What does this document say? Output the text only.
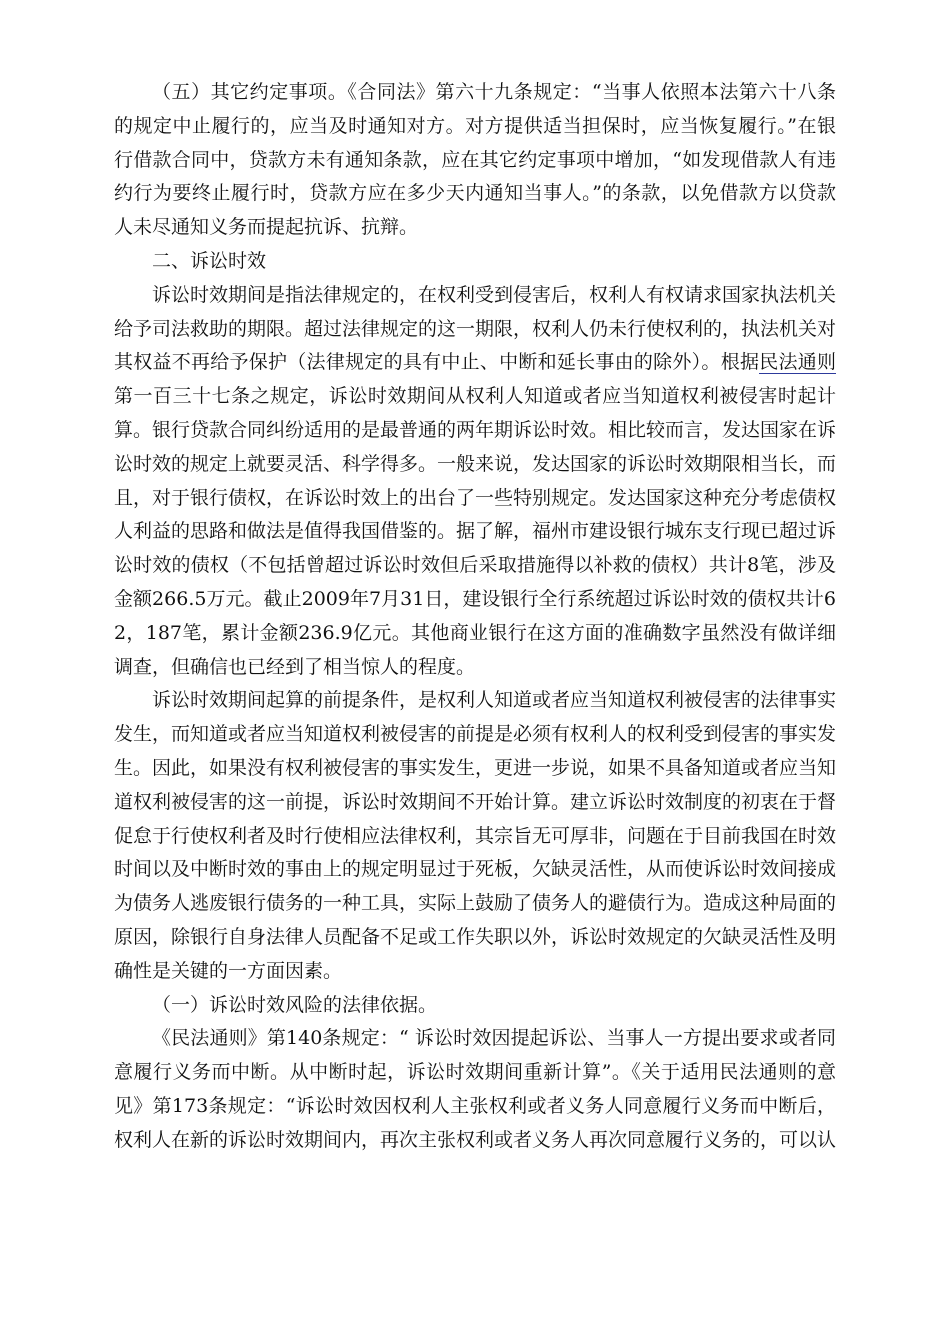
（五）其它约定事项。《合同法》第六十九条规定：“当事人依照本法第六十八条的规定中止履行的，应当及时通知对方。对方提供适当担保时，应当恢复履行。”在银行借款合同中，贷款方未有通知条款，应在其它约定事项中增加，“如发现借款人有违约行为要终止履行时，贷款方应在多少天内通知当事人。”的条款，以免借款方以贷款人未尽通知义务而提起抗诉、抗辩。

二、诉讼时效

诉讼时效期间是指法律规定的，在权利受到侵害后，权利人有权请求国家执法机关给予司法救助的期限。超过法律规定的这一期限，权利人仍未行使权利的，执法机关对其权益不再给予保护（法律规定的具有中止、中断和延长事由的除外）。根据民法通则第一百三十七条之规定，诉讼时效期间从权利人知道或者应当知道权利被侵害时起计算。银行贷款合同纠纷适用的是最普通的两年期诉讼时效。相比较而言，发达国家在诉讼时效的规定上就要灵活、科学得多。一般来说，发达国家的诉讼时效期限相当长，而且，对于银行债权，在诉讼时效上的出台了一些特别规定。发达国家这种充分考虑债权人利益的思路和做法是值得我国借鉴的。据了解，福州市建设银行城东支行现已超过诉讼时效的债权（不包括曾超过诉讼时效但后采取措施得以补救的债权）共计8笔，涉及金额266.5万元。截止2009年7月31日，建设银行全行系统超过诉讼时效的债权共计62，187笔，累计金额236.9亿元。其他商业银行在这方面的准确数字虽然没有做详细调查，但确信也已经到了相当惊人的程度。

诉讼时效期间起算的前提条件，是权利人知道或者应当知道权利被侵害的法律事实发生，而知道或者应当知道权利被侵害的前提是必须有权利人的权利受到侵害的事实发生。因此，如果没有权利被侵害的事实发生，更进一步说，如果不具备知道或者应当知道权利被侵害的这一前提，诉讼时效期间不开始计算。建立诉讼时效制度的初衷在于督促怠于行使权利者及时行使相应法律权利，其宗旨无可厚非，问题在于目前我国在时效时间以及中断时效的事由上的规定明显过于死板，欠缺灵活性，从而使诉讼时效间接成为债务人逃废银行债务的一种工具，实际上鼓励了债务人的避债行为。造成这种局面的原因，除银行自身法律人员配备不足或工作失职以外，诉讼时效规定的欠缺灵活性及明确性是关键的一方面因素。

（一）诉讼时效风险的法律依据。

《民法通则》第140条规定：“ 诉讼时效因提起诉讼、当事人一方提出要求或者同意履行义务而中断。从中断时起，诉讼时效期间重新计算”。《关于适用民法通则的意见》第173条规定：“诉讼时效因权利人主张权利或者义务人同意履行义务而中断后，权利人在新的诉讼时效期间内，再次主张权利或者义务人再次同意履行义务的，可以认
